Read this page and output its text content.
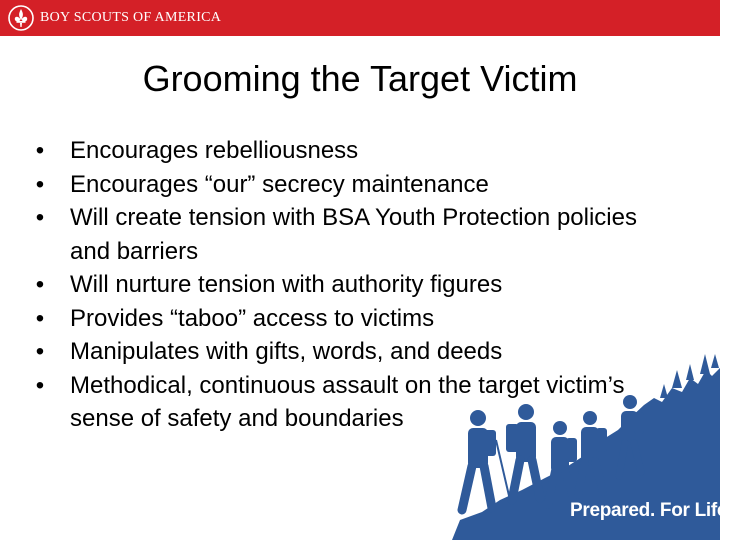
BOY SCOUTS OF AMERICA
Grooming the Target Victim
• Encourages rebelliousness
• Encourages “our” secrecy maintenance
• Will create tension with BSA Youth Protection policies and barriers
• Will nurture tension with authority figures
• Provides “taboo” access to victims
• Manipulates with gifts, words, and deeds
• Methodical, continuous assault on the target victim’s sense of safety and boundaries
Prepared. For Life.®
